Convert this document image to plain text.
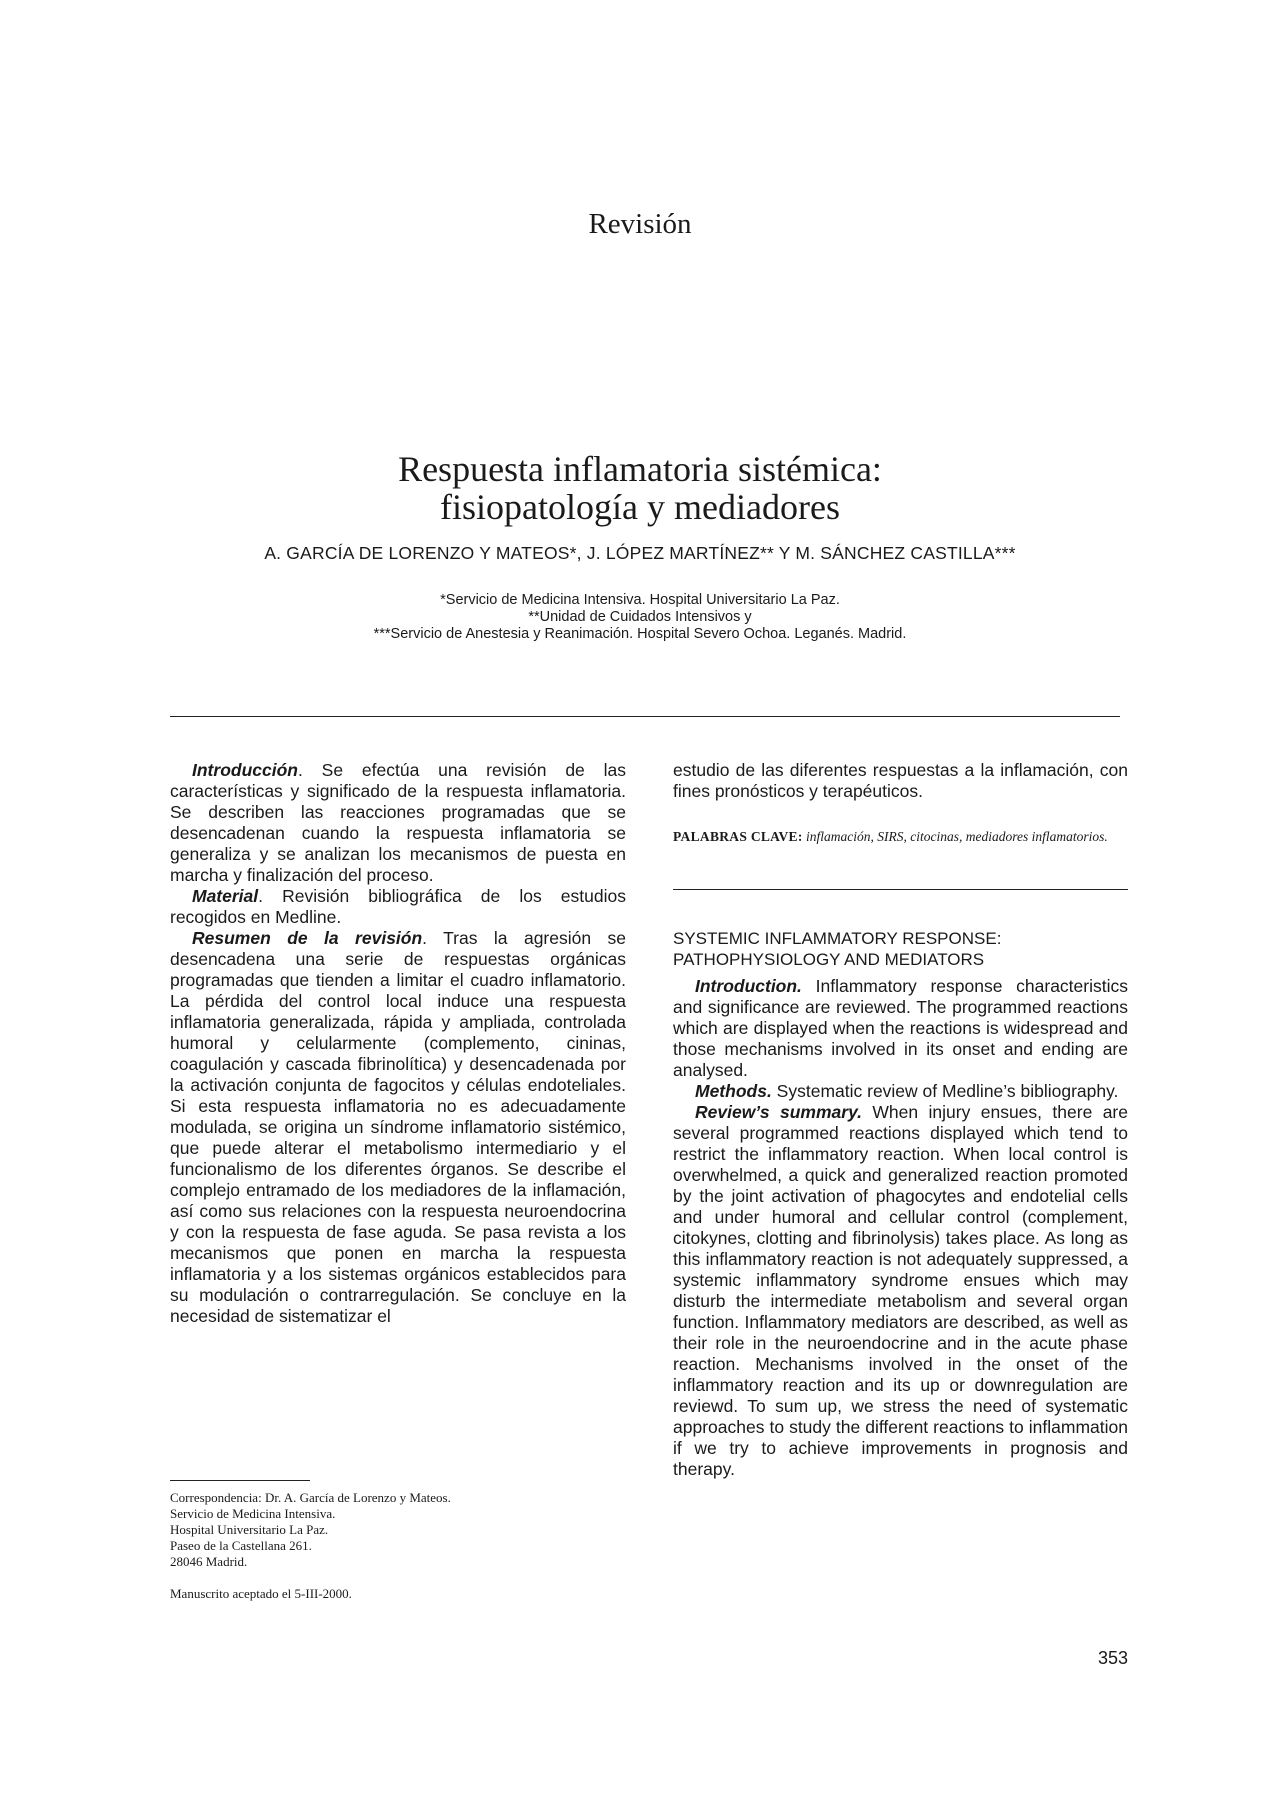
Revisión
Respuesta inflamatoria sistémica:
fisiopatología y mediadores
A. GARCÍA DE LORENZO Y MATEOS*, J. LÓPEZ MARTÍNEZ** Y M. SÁNCHEZ CASTILLA***
*Servicio de Medicina Intensiva. Hospital Universitario La Paz.
**Unidad de Cuidados Intensivos y
***Servicio de Anestesia y Reanimación. Hospital Severo Ochoa. Leganés. Madrid.

Introducción. Se efectúa una revisión de las características y significado de la respuesta inflamatoria. Se describen las reacciones programadas que se desencadenan cuando la respuesta inflamatoria se generaliza y se analizan los mecanismos de puesta en marcha y finalización del proceso.

Material. Revisión bibliográfica de los estudios recogidos en Medline.

Resumen de la revisión. Tras la agresión se desencadena una serie de respuestas orgánicas programadas que tienden a limitar el cuadro inflamatorio. La pérdida del control local induce una respuesta inflamatoria generalizada, rápida y ampliada, controlada humoral y celularmente (complemento, cininas, coagulación y cascada fibrinolítica) y desencadenada por la activación conjunta de fagocitos y células endoteliales. Si esta respuesta inflamatoria no es adecuadamente modulada, se origina un síndrome inflamatorio sistémico, que puede alterar el metabolismo intermediario y el funcionalismo de los diferentes órganos. Se describe el complejo entramado de los mediadores de la inflamación, así como sus relaciones con la respuesta neuroendocrina y con la respuesta de fase aguda. Se pasa revista a los mecanismos que ponen en marcha la respuesta inflamatoria y a los sistemas orgánicos establecidos para su modulación o contrarregulación. Se concluye en la necesidad de sistematizar el

Correspondencia: Dr. A. García de Lorenzo y Mateos.
Servicio de Medicina Intensiva.
Hospital Universitario La Paz.
Paseo de la Castellana 261.
28046 Madrid.
Manuscrito aceptado el 5-III-2000.

estudio de las diferentes respuestas a la inflamación, con fines pronósticos y terapéuticos.

PALABRAS CLAVE: inflamación, SIRS, citocinas, mediadores inflamatorios.
SYSTEMIC INFLAMMATORY RESPONSE:
PATHOPHYSIOLOGY AND MEDIATORS

Introduction. Inflammatory response characteristics and significance are reviewed. The programmed reactions which are displayed when the reactions is widespread and those mechanisms involved in its onset and ending are analysed.

Methods. Systematic review of Medline’s bibliography.

Review’s summary. When injury ensues, there are several programmed reactions displayed which tend to restrict the inflammatory reaction. When local control is overwhelmed, a quick and generalized reaction promoted by the joint activation of phagocytes and endotelial cells and under humoral and cellular control (complement, citokynes, clotting and fibrinolysis) takes place. As long as this inflammatory reaction is not adequately suppressed, a systemic inflammatory syndrome ensues which may disturb the intermediate metabolism and several organ function. Inflammatory mediators are described, as well as their role in the neuroendocrine and in the acute phase reaction. Mechanisms involved in the onset of the inflammatory reaction and its up or downregulation are reviewd. To sum up, we stress the need of systematic approaches to study the different reactions to inflammation if we try to achieve improvements in prognosis and therapy.

353
